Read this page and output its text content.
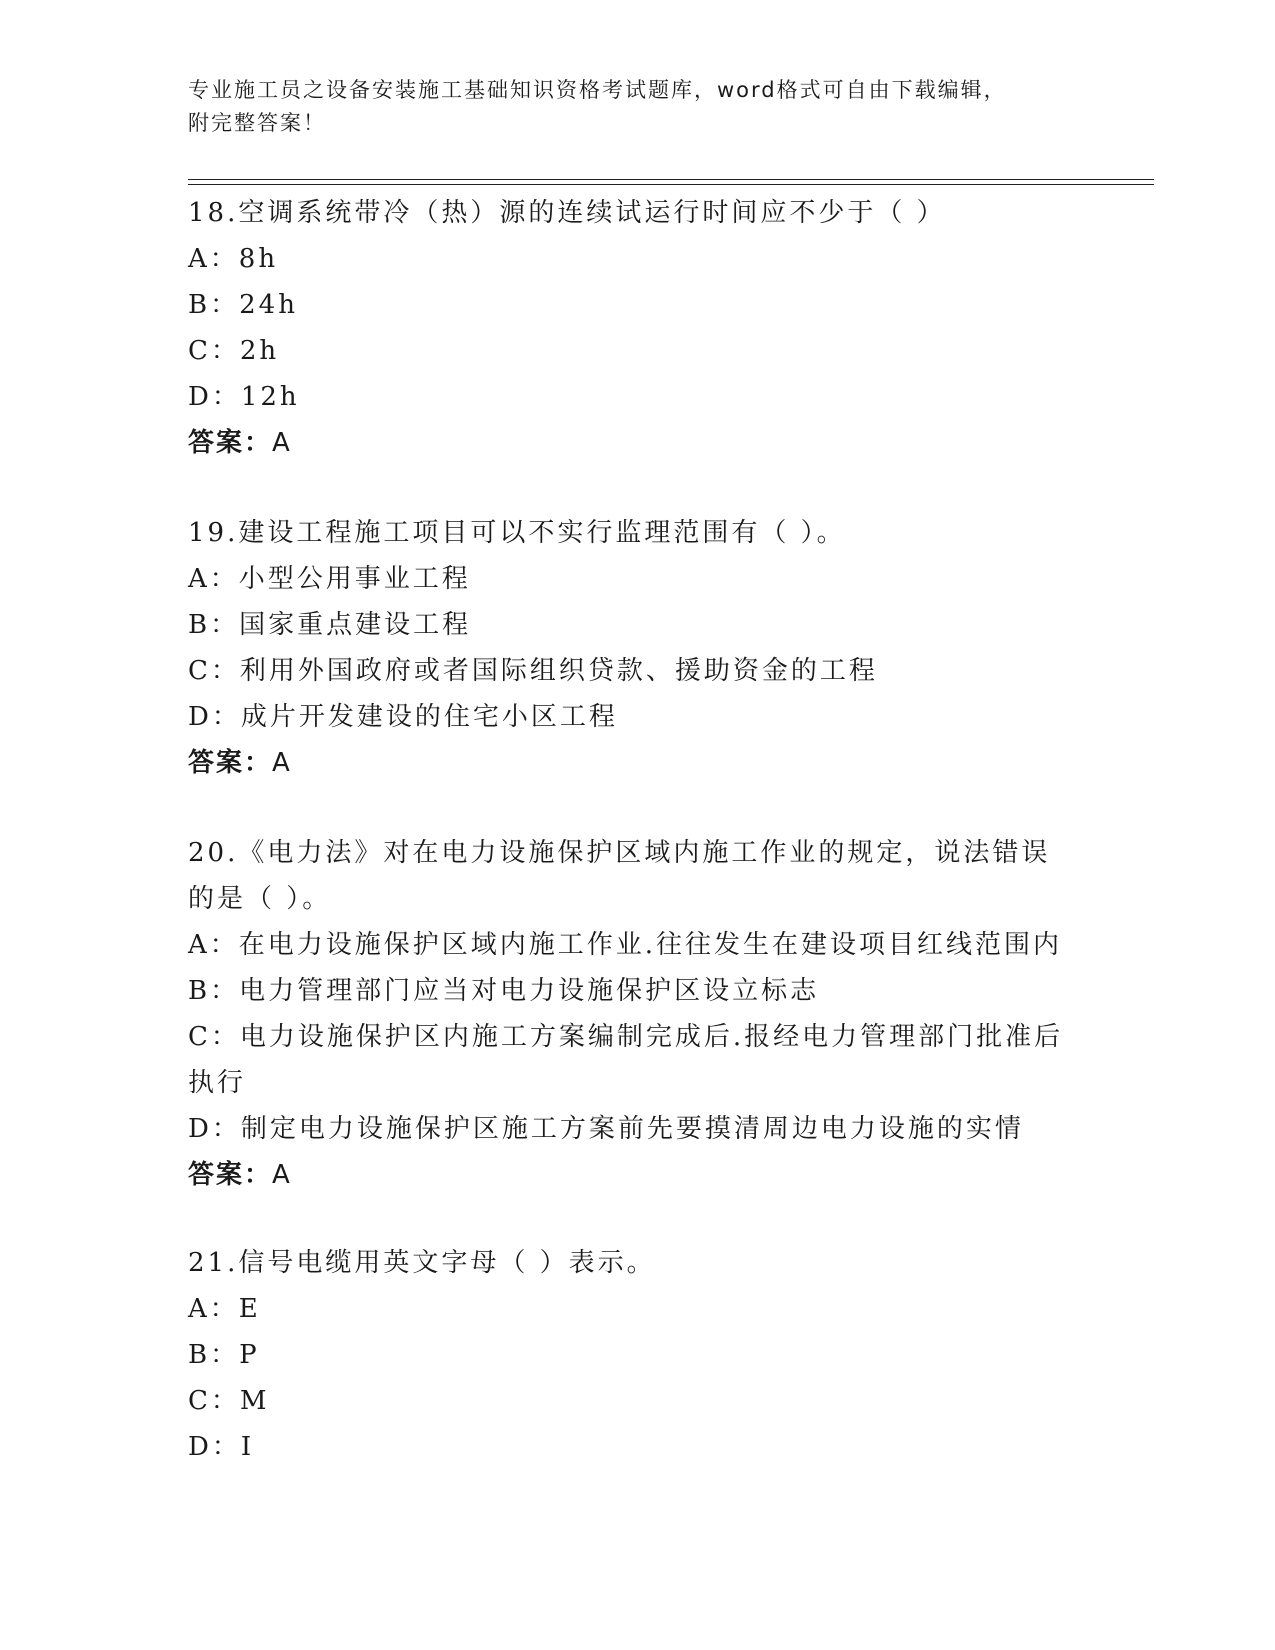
专业施工员之设备安装施工基础知识资格考试题库，word格式可自由下载编辑，
附完整答案！
18.空调系统带冷（热）源的连续试运行时间应不少于（ ）
A：8h
B：24h
C：2h
D：12h
答案：A
19.建设工程施工项目可以不实行监理范围有（ ）。
A：小型公用事业工程
B：国家重点建设工程
C：利用外国政府或者国际组织贷款、援助资金的工程
D：成片开发建设的住宅小区工程
答案：A
20.《电力法》对在电力设施保护区域内施工作业的规定，说法错误的是（ ）。
A：在电力设施保护区域内施工作业.往往发生在建设项目红线范围内
B：电力管理部门应当对电力设施保护区设立标志
C：电力设施保护区内施工方案编制完成后.报经电力管理部门批准后执行
D：制定电力设施保护区施工方案前先要摸清周边电力设施的实情
答案：A
21.信号电缆用英文字母（ ）表示。
A：E
B：P
C：M
D：I
